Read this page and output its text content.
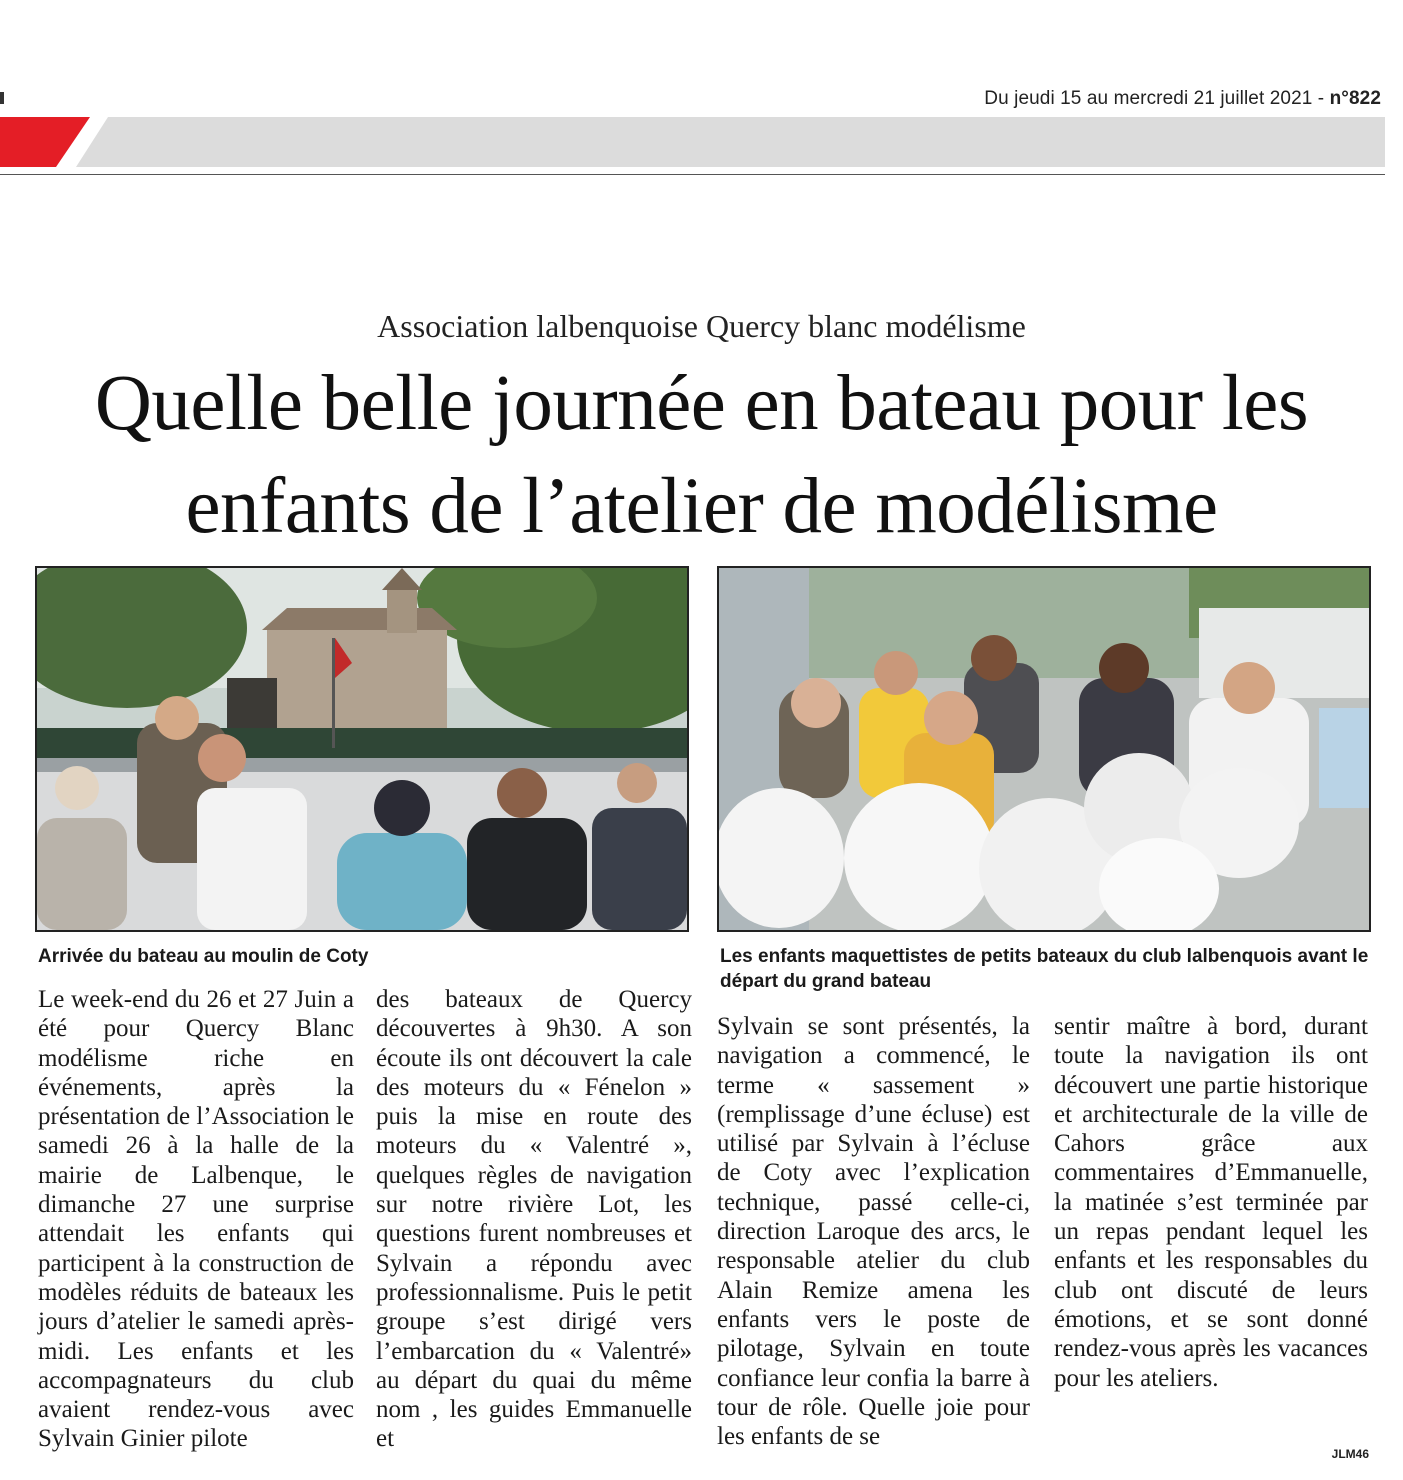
Du jeudi 15 au mercredi 21 juillet 2021 - n°822
Association lalbenquoise Quercy blanc modélisme
Quelle belle journée en bateau pour les enfants de l’atelier de modélisme
Arrivée du bateau au moulin de Coty	Les enfants maquettistes de petits bateaux du club lalbenquois avant le départ du grand bateau
Le week-end du 26 et 27 Juin a été pour Quercy Blanc modélisme riche en événements, après la présentation de l’Association le samedi 26 à la halle de la mairie de Lalbenque, le dimanche 27 une surprise attendait les enfants qui participent à la construction de modèles réduits de bateaux les jours d’atelier le samedi après-midi. Les enfants et les accompagnateurs du club avaient rendez-vous avec Sylvain Ginier pilote
des bateaux de Quercy découvertes à 9h30. A son écoute ils ont découvert la cale des moteurs du « Fénelon » puis la mise en route des moteurs du « Valentré », quelques règles de navigation sur notre rivière Lot, les questions furent nombreuses et Sylvain a répondu avec professionnalisme. Puis le petit groupe s’est dirigé vers l’embarcation du « Valentré» au départ du quai du même nom , les guides Emmanuelle et
Sylvain se sont présentés, la navigation a commencé, le terme « sassement » (remplissage d’une écluse) est utilisé par Sylvain à l’écluse de Coty avec l’explication technique, passé celle-ci, direction Laroque des arcs, le responsable atelier du club Alain Remize amena les enfants vers le poste de pilotage, Sylvain en toute confiance leur confia la barre à tour de rôle. Quelle joie pour les enfants de se
sentir maître à bord, durant toute la navigation ils ont découvert une partie historique et architecturale de la ville de Cahors grâce aux commentaires d’Emmanuelle, la matinée s’est terminée par un repas pendant lequel les enfants et les responsables du club ont discuté de leurs émotions, et se sont donné rendez-vous après les vacances pour les ateliers.
JLM46
